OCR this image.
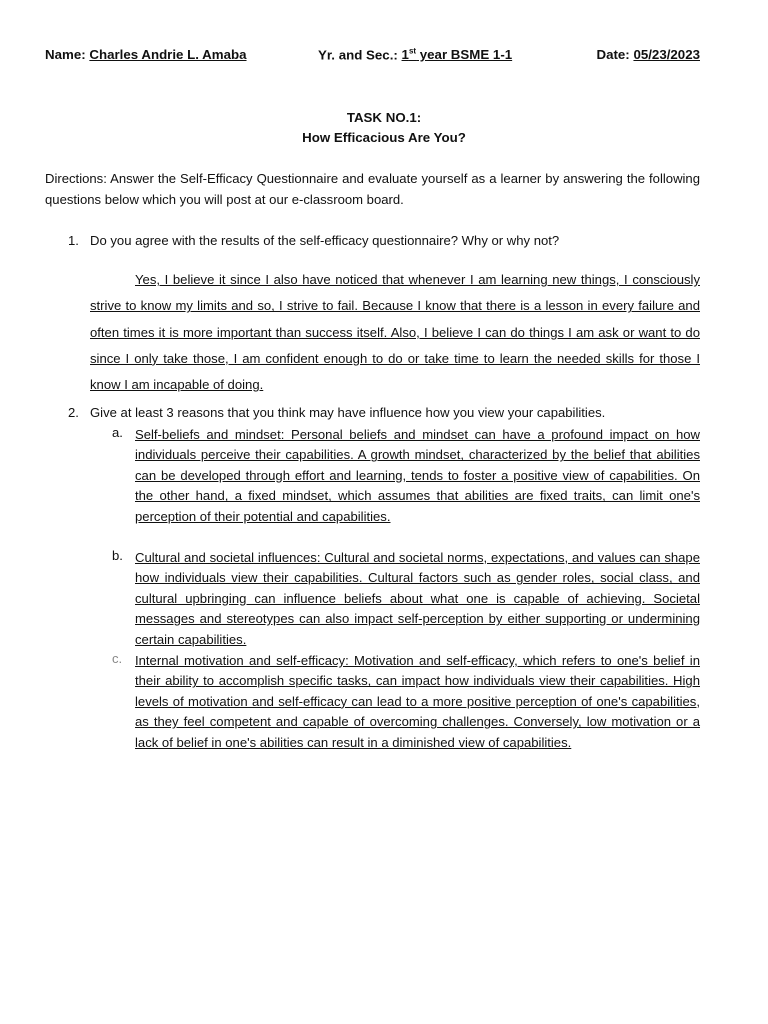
Name: Charles Andrie L. Amaba	Yr. and Sec.: 1st year BSME 1-1	Date: 05/23/2023
TASK NO.1:
How Efficacious Are You?
Directions: Answer the Self-Efficacy Questionnaire and evaluate yourself as a learner by answering the following questions below which you will post at our e-classroom board.
1. Do you agree with the results of the self-efficacy questionnaire? Why or why not?
Yes, I believe it since I also have noticed that whenever I am learning new things, I consciously strive to know my limits and so, I strive to fail. Because I know that there is a lesson in every failure and often times it is more important than success itself. Also, I believe I can do things I am ask or want to do since I only take those, I am confident enough to do or take time to learn the needed skills for those I know I am incapable of doing.
2. Give at least 3 reasons that you think may have influence how you view your capabilities.
a. Self-beliefs and mindset: Personal beliefs and mindset can have a profound impact on how individuals perceive their capabilities. A growth mindset, characterized by the belief that abilities can be developed through effort and learning, tends to foster a positive view of capabilities. On the other hand, a fixed mindset, which assumes that abilities are fixed traits, can limit one's perception of their potential and capabilities.
b. Cultural and societal influences: Cultural and societal norms, expectations, and values can shape how individuals view their capabilities. Cultural factors such as gender roles, social class, and cultural upbringing can influence beliefs about what one is capable of achieving. Societal messages and stereotypes can also impact self-perception by either supporting or undermining certain capabilities.
c. Internal motivation and self-efficacy: Motivation and self-efficacy, which refers to one's belief in their ability to accomplish specific tasks, can impact how individuals view their capabilities. High levels of motivation and self-efficacy can lead to a more positive perception of one's capabilities, as they feel competent and capable of overcoming challenges. Conversely, low motivation or a lack of belief in one's abilities can result in a diminished view of capabilities.
